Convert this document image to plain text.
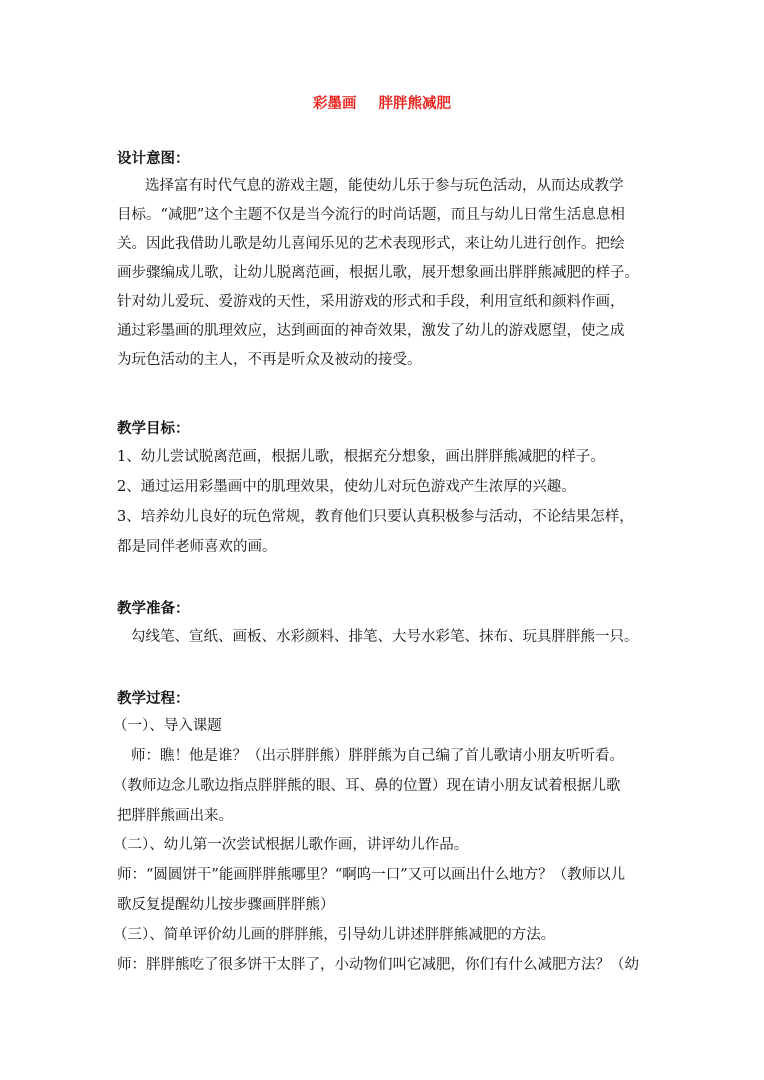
彩墨画 胖胖熊减肥
设计意图：
选择富有时代气息的游戏主题，能使幼儿乐于参与玩色活动，从而达成教学
目标。“减肥”这个主题不仅是当今流行的时尚话题，而且与幼儿日常生活息息相
关。因此我借助儿歌是幼儿喜闻乐见的艺术表现形式，来让幼儿进行创作。把绘
画步骤编成儿歌，让幼儿脱离范画，根据儿歌，展开想象画出胖胖熊减肥的样子。
针对幼儿爱玩、爱游戏的天性，采用游戏的形式和手段，利用宣纸和颜料作画，
通过彩墨画的肌理效应，达到画面的神奇效果，激发了幼儿的游戏愿望，使之成
为玩色活动的主人，不再是听众及被动的接受。
教学目标：
1、幼儿尝试脱离范画，根据儿歌，根据充分想象，画出胖胖熊减肥的样子。
2、通过运用彩墨画中的肌理效果，使幼儿对玩色游戏产生浓厚的兴趣。
3、培养幼儿良好的玩色常规，教育他们只要认真积极参与活动，不论结果怎样，
都是同伴老师喜欢的画。
教学准备：
勾线笔、宣纸、画板、水彩颜料、排笔、大号水彩笔、抹布、玩具胖胖熊一只。
教学过程：
（一）、导入课题
师：瞧！他是谁？（出示胖胖熊）胖胖熊为自己编了首儿歌请小朋友听听看。
（教师边念儿歌边指点胖胖熊的眼、耳、鼻的位置）现在请小朋友试着根据儿歌
把胖胖熊画出来。
（二）、幼儿第一次尝试根据儿歌作画，讲评幼儿作品。
师：“圆圆饼干”能画胖胖熊哪里？“啊呜一口”又可以画出什么地方？（教师以儿
歌反复提醒幼儿按步骤画胖胖熊）
（三）、简单评价幼儿画的胖胖熊，引导幼儿讲述胖胖熊减肥的方法。
师：胖胖熊吃了很多饼干太胖了，小动物们叫它减肥，你们有什么减肥方法？（幼
